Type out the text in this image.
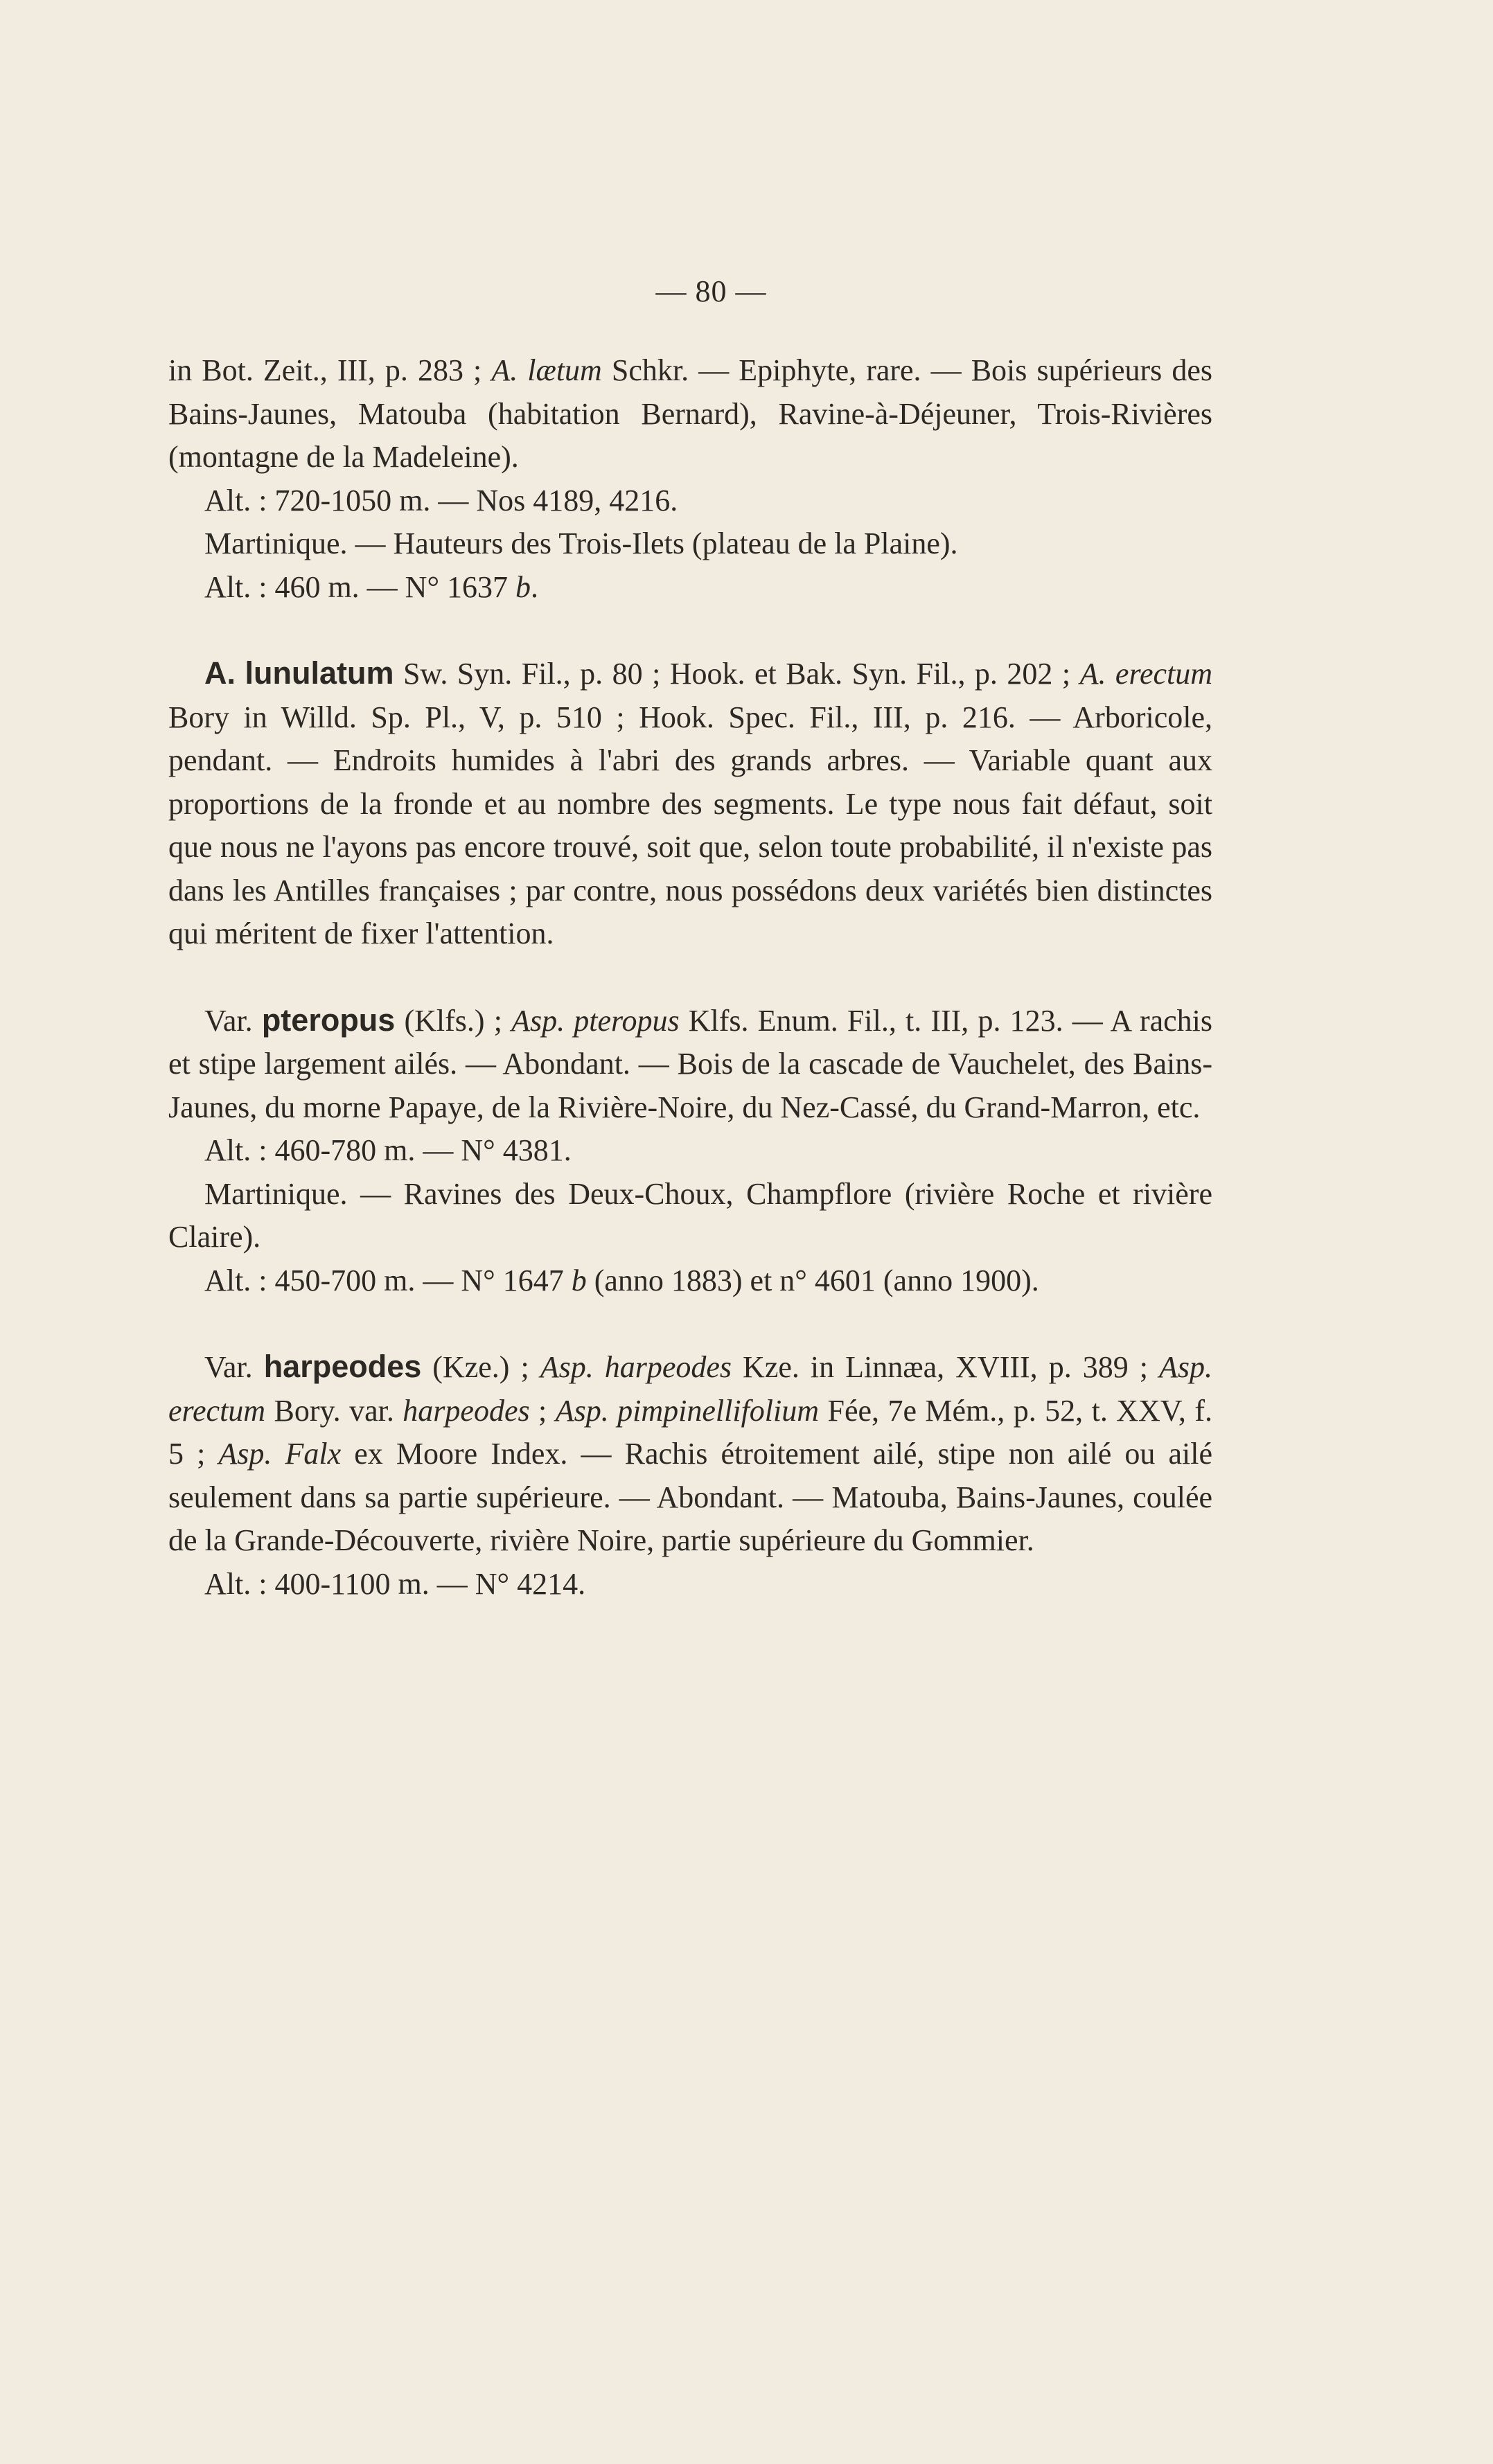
— 80 —

in Bot. Zeit., III, p. 283 ; A. lætum Schkr. — Epiphyte, rare. — Bois supérieurs des Bains-Jaunes, Matouba (habitation Bernard), Ravine-à-Déjeuner, Trois-Rivières (montagne de la Madeleine).

Alt. : 720-1050 m. — Nos 4189, 4216.

Martinique. — Hauteurs des Trois-Ilets (plateau de la Plaine).

Alt. : 460 m. — N° 1637 b.

A. lunulatum Sw. Syn. Fil., p. 80 ; Hook. et Bak. Syn. Fil., p. 202 ; A. erectum Bory in Willd. Sp. Pl., V, p. 510 ; Hook. Spec. Fil., III, p. 216. — Arboricole, pendant. — Endroits humides à l'abri des grands arbres. — Variable quant aux proportions de la fronde et au nombre des segments. Le type nous fait défaut, soit que nous ne l'ayons pas encore trouvé, soit que, selon toute probabilité, il n'existe pas dans les Antilles françaises ; par contre, nous possédons deux variétés bien distinctes qui méritent de fixer l'attention.

Var. pteropus (Klfs.) ; Asp. pteropus Klfs. Enum. Fil., t. III, p. 123. — A rachis et stipe largement ailés. — Abondant. — Bois de la cascade de Vauchelet, des Bains-Jaunes, du morne Papaye, de la Rivière-Noire, du Nez-Cassé, du Grand-Marron, etc.

Alt. : 460-780 m. — N° 4381.

Martinique. — Ravines des Deux-Choux, Champflore (rivière Roche et rivière Claire).

Alt. : 450-700 m. — N° 1647 b (anno 1883) et n° 4601 (anno 1900).

Var. harpeodes (Kze.) ; Asp. harpeodes Kze. in Linnæa, XVIII, p. 389 ; Asp. erectum Bory. var. harpeodes ; Asp. pimpinellifolium Fée, 7e Mém., p. 52, t. XXV, f. 5 ; Asp. Falx ex Moore Index. — Rachis étroitement ailé, stipe non ailé ou ailé seulement dans sa partie supérieure. — Abondant. — Matouba, Bains-Jaunes, coulée de la Grande-Découverte, rivière Noire, partie supérieure du Gommier.

Alt. : 400-1100 m. — N° 4214.
